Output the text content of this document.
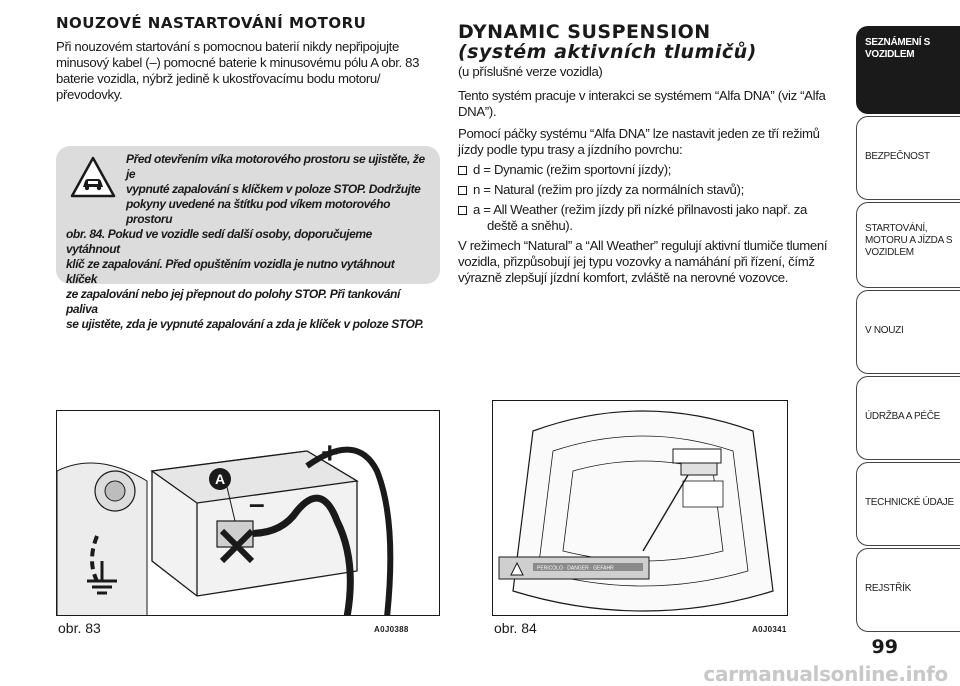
NOUZOVÉ NASTARTOVÁNÍ MOTORU
Při nouzovém startování s pomocnou baterií nikdy nepřipojujte
minusový kabel (–) pomocné baterie k minusovému pólu A obr. 83
baterie vozidla, nýbrž jedině k ukostřovacímu bodu motoru/
převodovky.
Před otevřením víka motorového prostoru se ujistěte, že je
vypnuté zapalování s klíčkem v poloze STOP. Dodržujte
pokyny uvedené na štítku pod víkem motorového prostoru
obr. 84. Pokud ve vozidle sedí další osoby, doporučujeme vytáhnout
klíč ze zapalování. Před opuštěním vozidla je nutno vytáhnout klíček
ze zapalování nebo jej přepnout do polohy STOP. Při tankování paliva
se ujistěte, zda je vypnuté zapalování a zda je klíček v poloze STOP.
DYNAMIC SUSPENSION
(systém aktivních tlumičů)
(u příslušné verze vozidla)
Tento systém pracuje v interakci se systémem “Alfa DNA” (viz “Alfa
DNA”).
Pomocí páčky systému “Alfa DNA” lze nastavit jeden ze tří režimů
jízdy podle typu trasy a jízdního povrchu:
d = Dynamic (režim sportovní jízdy);
n = Natural (režim pro jízdy za normálních stavů);
a = All Weather (režim jízdy při nízké přilnavosti jako např. za
deště a sněhu).
V režimech “Natural” a “All Weather” regulují aktivní tlumiče tlumení
vozidla, přizpůsobují jej typu vozovky a namáhání při řízení, čímž
výrazně zlepšují jízdní komfort, zvláště na nerovné vozovce.
A
+
–
obr. 83	A0J0388
PERICOLO · DANGER · GEFAHR
obr. 84	A0J0341
SEZNÁMENÍ S
VOZIDLEM
BEZPEČNOST
STARTOVÁNÍ,
MOTORU A JÍZDA S
VOZIDLEM
V NOUZI
ÚDRŽBA A PÉČE
TECHNICKÉ ÚDAJE
REJSTŘÍK
99
carmanualsonline.info
